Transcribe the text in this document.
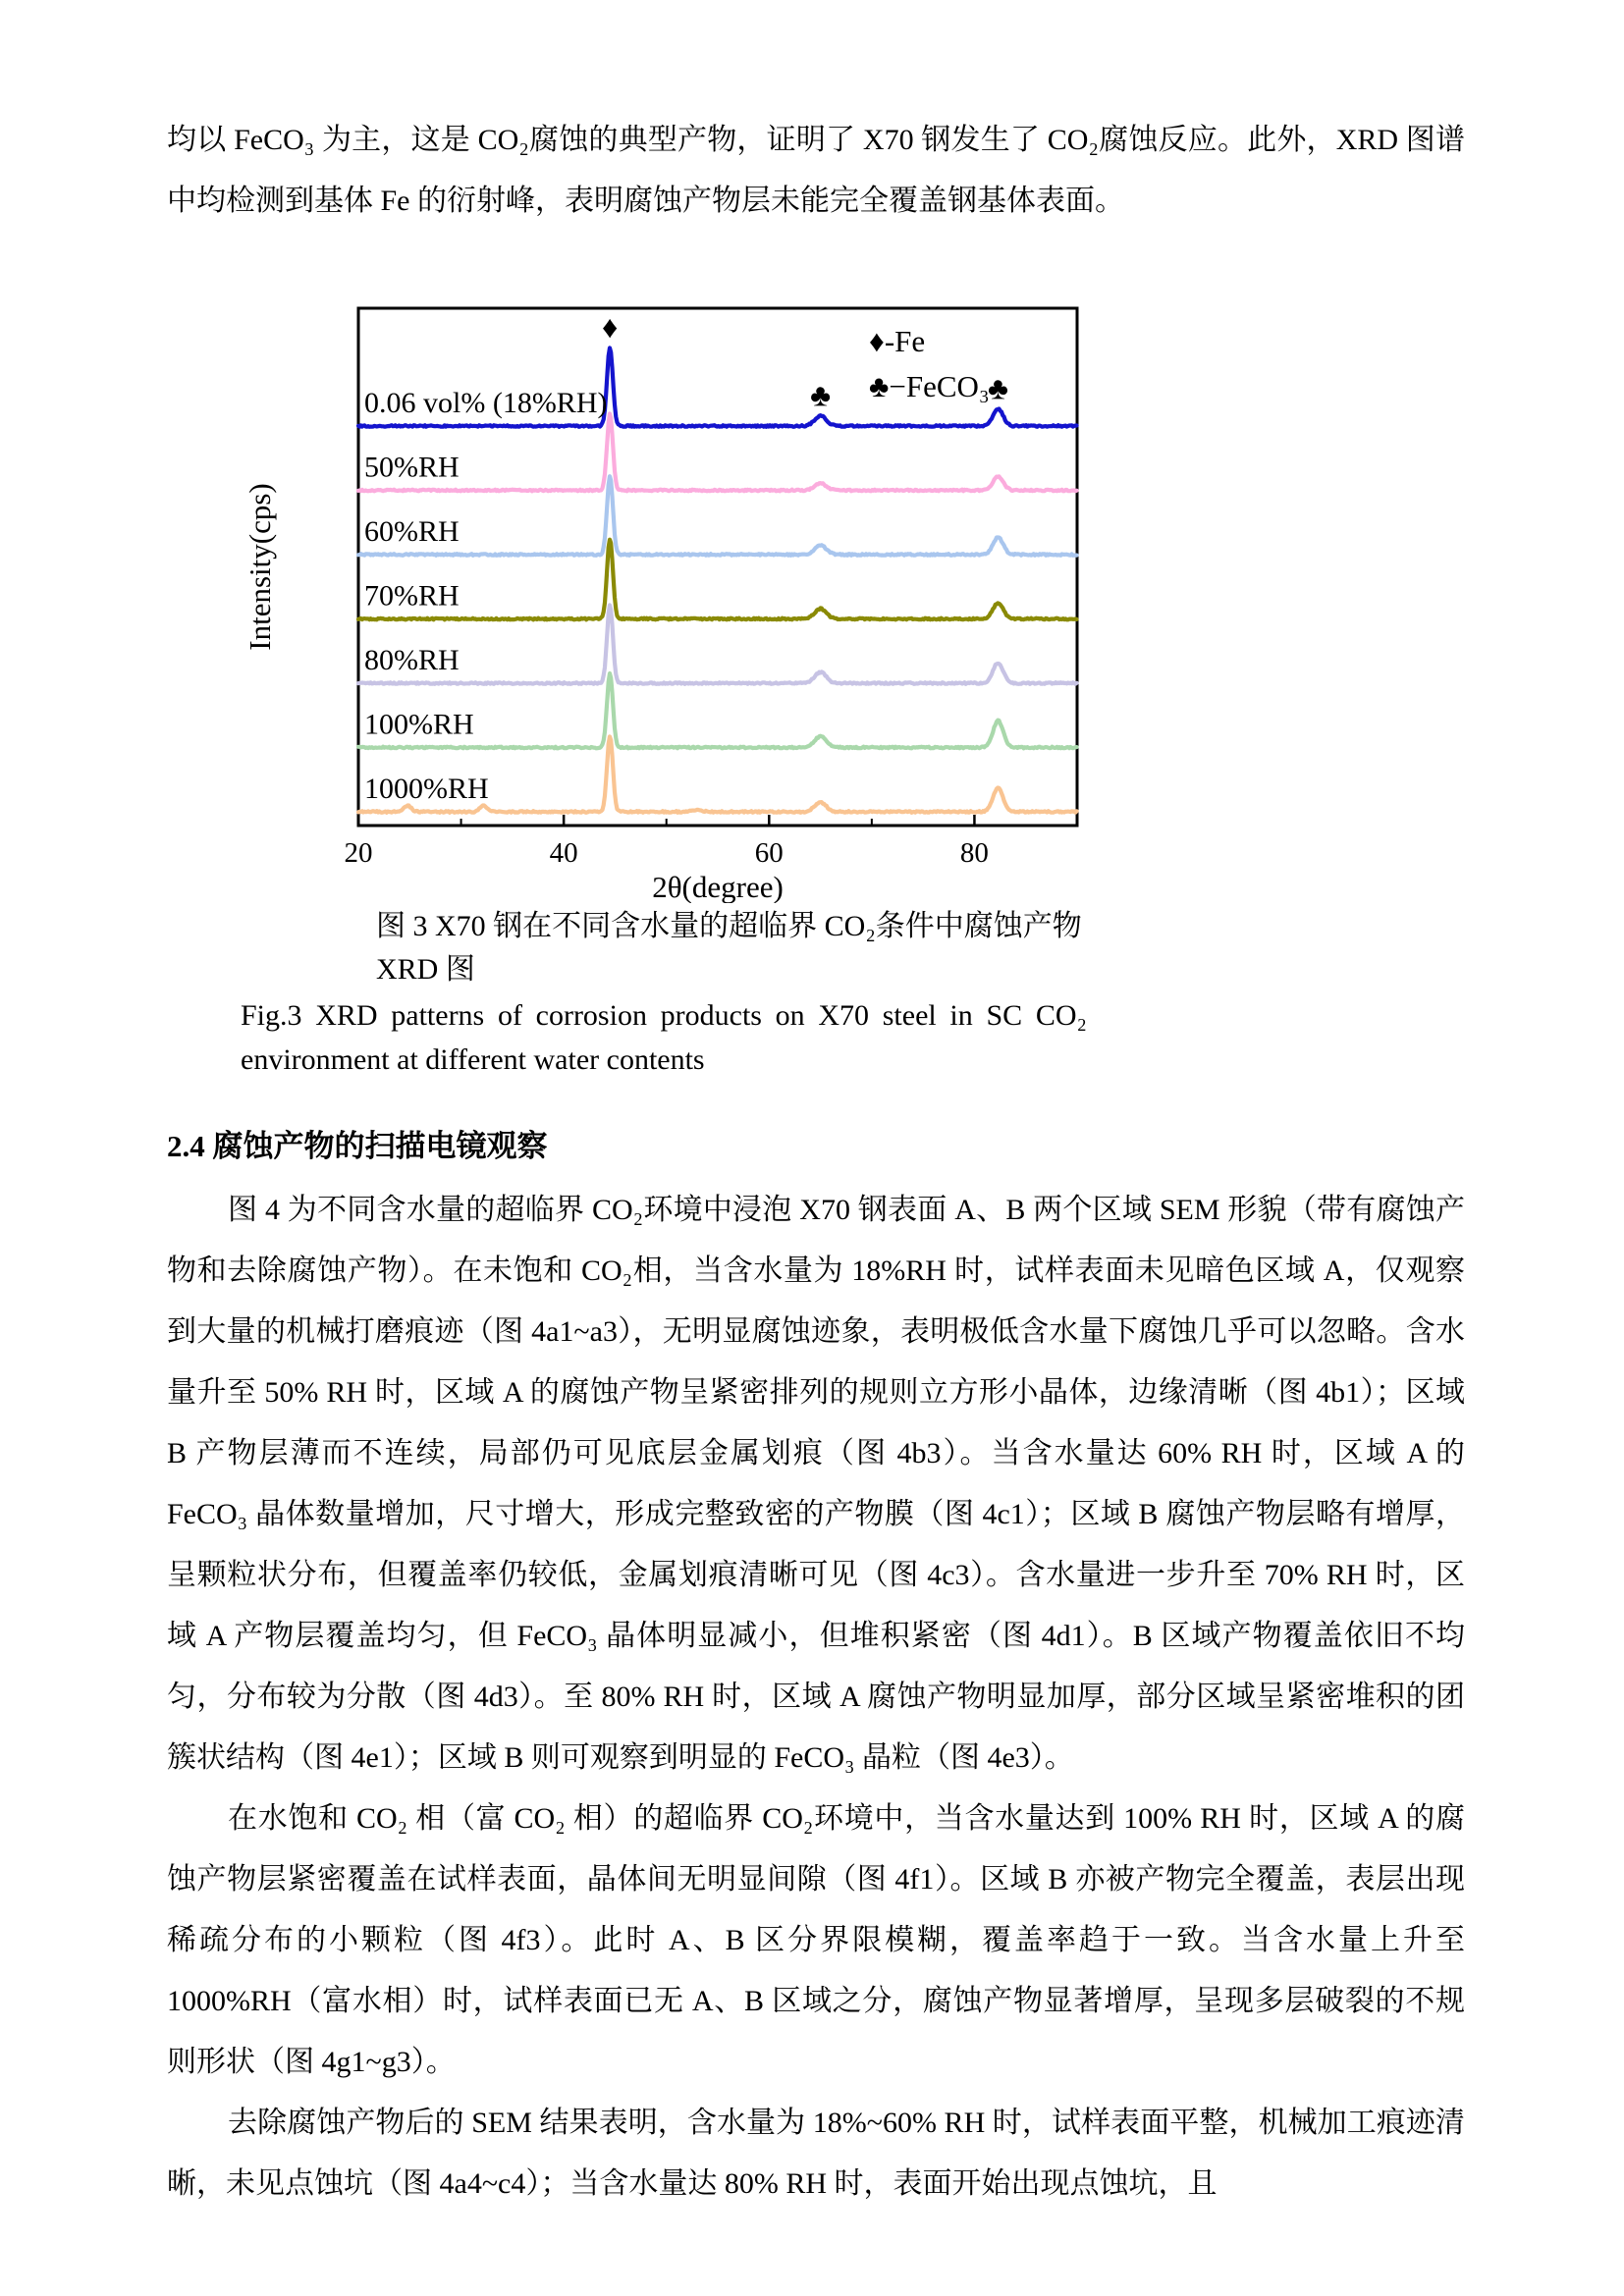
均以 FeCO₃ 为主，这是 CO₂腐蚀的典型产物，证明了 X70 钢发生了 CO₂腐蚀反应。此外，XRD 图谱中均检测到基体 Fe 的衍射峰，表明腐蚀产物层未能完全覆盖钢基体表面。

20	40	60	80
2θ(degree)
Intensity(cps)
♦-Fe
♣−FeCO₃
0.06 vol% (18%RH)
50%RH
60%RH
70%RH
80%RH
100%RH
1000%RH
♦
♣	♣
图 3 X70 钢在不同含水量的超临界 CO₂条件中腐蚀产物 XRD 图
Fig.3 XRD patterns of corrosion products on X70 steel in SC CO₂ environment at different water contents
2.4 腐蚀产物的扫描电镜观察

图 4 为不同含水量的超临界 CO₂环境中浸泡 X70 钢表面 A、B 两个区域 SEM 形貌（带有腐蚀产物和去除腐蚀产物）。在未饱和 CO₂相，当含水量为 18%RH 时，试样表面未见暗色区域 A，仅观察到大量的机械打磨痕迹（图 4a1~a3），无明显腐蚀迹象，表明极低含水量下腐蚀几乎可以忽略。含水量升至 50% RH 时，区域 A 的腐蚀产物呈紧密排列的规则立方形小晶体，边缘清晰（图 4b1）；区域 B 产物层薄而不连续，局部仍可见底层金属划痕（图 4b3）。当含水量达 60% RH 时，区域 A 的 FeCO₃ 晶体数量增加，尺寸增大，形成完整致密的产物膜（图 4c1）；区域 B 腐蚀产物层略有增厚，呈颗粒状分布，但覆盖率仍较低，金属划痕清晰可见（图 4c3）。含水量进一步升至 70% RH 时，区域 A 产物层覆盖均匀，但 FeCO₃ 晶体明显减小，但堆积紧密（图 4d1）。B 区域产物覆盖依旧不均匀，分布较为分散（图 4d3）。至 80% RH 时，区域 A 腐蚀产物明显加厚，部分区域呈紧密堆积的团簇状结构（图 4e1）；区域 B 则可观察到明显的 FeCO₃ 晶粒（图 4e3）。

在水饱和 CO₂ 相（富 CO₂ 相）的超临界 CO₂环境中，当含水量达到 100% RH 时，区域 A 的腐蚀产物层紧密覆盖在试样表面，晶体间无明显间隙（图 4f1）。区域 B 亦被产物完全覆盖，表层出现稀疏分布的小颗粒（图 4f3）。此时 A、B 区分界限模糊，覆盖率趋于一致。当含水量上升至 1000%RH（富水相）时，试样表面已无 A、B 区域之分，腐蚀产物显著增厚，呈现多层破裂的不规则形状（图 4g1~g3）。

去除腐蚀产物后的 SEM 结果表明，含水量为 18%~60% RH 时，试样表面平整，机械加工痕迹清晰，未见点蚀坑（图 4a4~c4）；当含水量达 80% RH 时，表面开始出现点蚀坑，且
